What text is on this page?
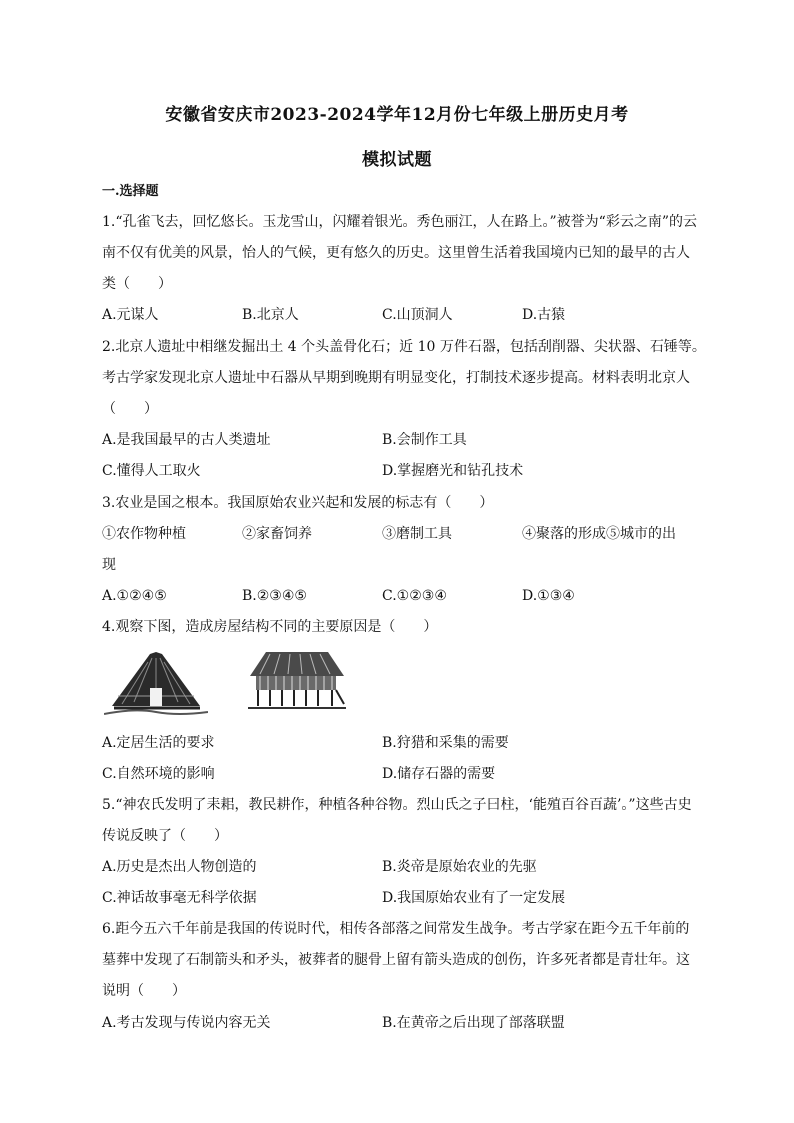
安徽省安庆市2023-2024学年12月份七年级上册历史月考
模拟试题
一.选择题
1.“孔雀飞去，回忆悠长。玉龙雪山，闪耀着银光。秀色丽江，人在路上。”被誉为“彩云之南”的云
南不仅有优美的风景，怡人的气候，更有悠久的历史。这里曾生活着我国境内已知的最早的古人
类（　　）
A.元谋人	B.北京人	C.山顶洞人	D.古猿
2.北京人遗址中相继发掘出土 4 个头盖骨化石；近 10 万件石器，包括刮削器、尖状器、石锤等。
考古学家发现北京人遗址中石器从早期到晚期有明显变化，打制技术逐步提高。材料表明北京人
（　　）
A.是我国最早的古人类遗址	B.会制作工具
C.懂得人工取火	D.掌握磨光和钻孔技术
3.农业是国之根本。我国原始农业兴起和发展的标志有（　　）
①农作物种植	②家畜饲养	③磨制工具	④聚落的形成⑤城市的出
现
A.①②④⑤	B.②③④⑤	C.①②③④	D.①③④
4.观察下图，造成房屋结构不同的主要原因是（　　）
A.定居生活的要求	B.狩猎和采集的需要
C.自然环境的影响	D.储存石器的需要
5.“神农氏发明了耒耜，教民耕作，种植各种谷物。烈山氏之子曰柱，‘能殖百谷百蔬’。”这些古史
传说反映了（　　）
A.历史是杰出人物创造的	B.炎帝是原始农业的先驱
C.神话故事毫无科学依据	D.我国原始农业有了一定发展
6.距今五六千年前是我国的传说时代，相传各部落之间常发生战争。考古学家在距今五千年前的
墓葬中发现了石制箭头和矛头，被葬者的腿骨上留有箭头造成的创伤，许多死者都是青壮年。这
说明（　　）
A.考古发现与传说内容无关	B.在黄帝之后出现了部落联盟
